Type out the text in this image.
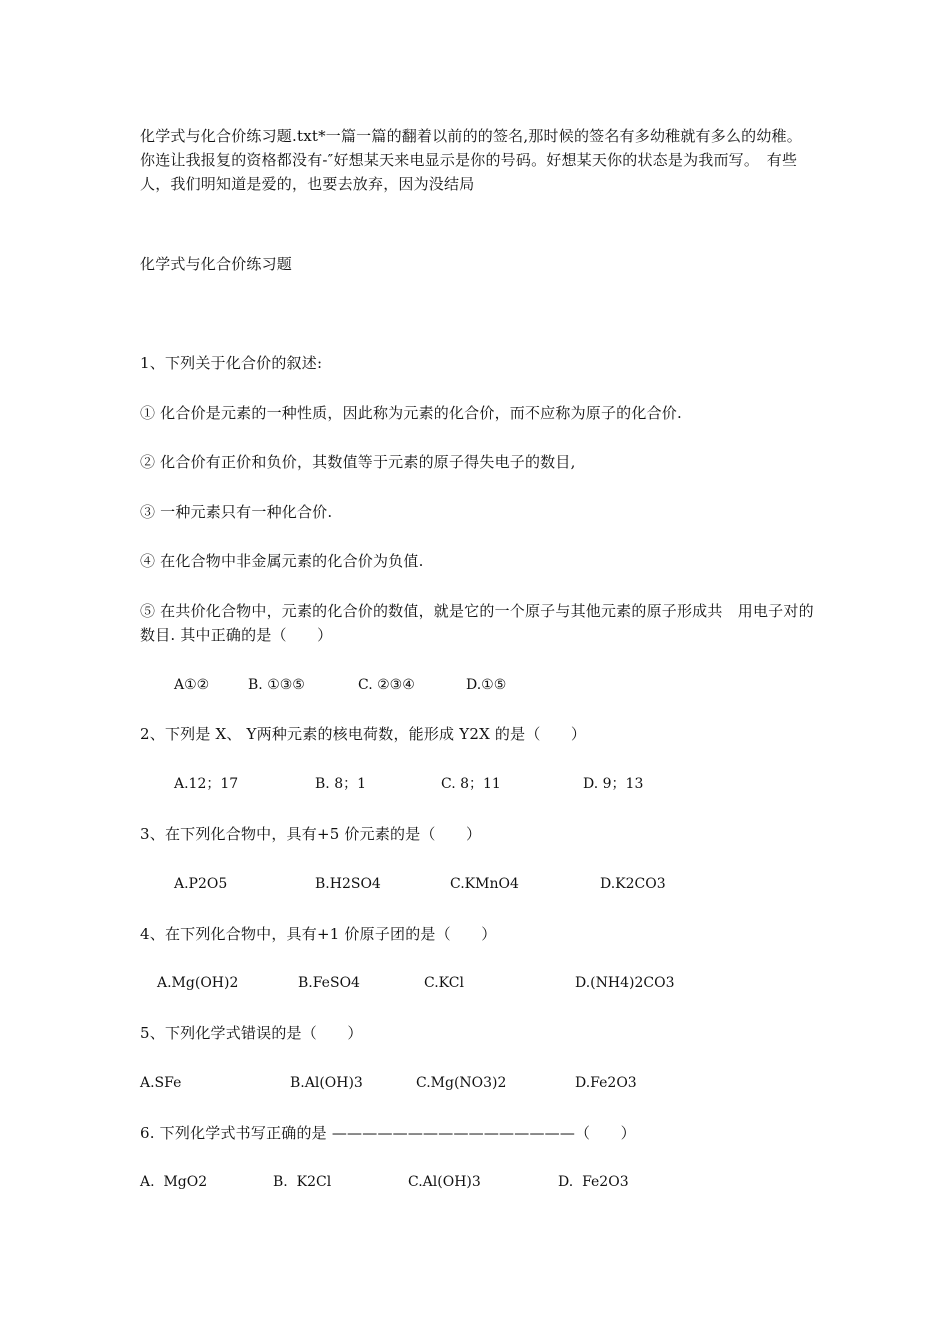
化学式与化合价练习题.txt*一篇一篇的翻着以前的的签名,那时候的签名有多幼稚就有多么的幼稚。你连让我报复的资格都没有-″好想某天来电显示是你的号码。好想某天你的状态是为我而写。　有些人，我们明知道是爱的，也要去放弃，因为没结局
化学式与化合价练习题
1、下列关于化合价的叙述:
① 化合价是元素的一种性质，因此称为元素的化合价，而不应称为原子的化合价.
② 化合价有正价和负价，其数值等于元素的原子得失电子的数目,
③ 一种元素只有一种化合价.
④ 在化合物中非金属元素的化合价为负值.
⑤ 在共价化合物中，元素的化合价的数值，就是它的一个原子与其他元素的原子形成共　用电子对的数目. 其中正确的是（　　）
A①②	B. ①③⑤	C. ②③④	D.①⑤
2、下列是 X、 Y两种元素的核电荷数，能形成 Y2X 的是（　　）
A.12；17	B. 8；1	C. 8；11	D. 9；13
3、在下列化合物中，具有+5 价元素的是（　　）
A.P2O5	B.H2SO4	C.KMnO4	D.K2CO3
4、在下列化合物中，具有+1 价原子团的是（　　）
A.Mg(OH)2	B.FeSO4	C.KCl	D.(NH4)2CO3
5、下列化学式错误的是（　　）
A.SFe	B.Al(OH)3	C.Mg(NO3)2	D.Fe2O3
6. 下列化学式书写正确的是 ————————————————（　　）
A.  MgO2	B.  K2Cl	C.Al(OH)3	D.  Fe2O3
